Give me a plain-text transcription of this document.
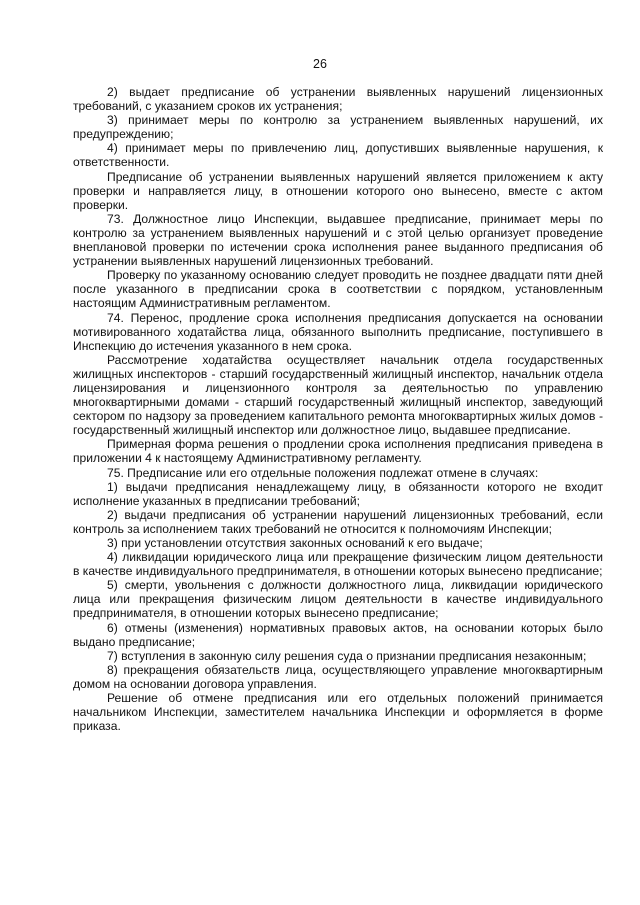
26

2) выдает предписание об устранении выявленных нарушений лицензионных требований, с указанием сроков их устранения;

3) принимает меры по контролю за устранением выявленных нарушений, их предупреждению;

4) принимает меры по привлечению лиц, допустивших выявленные нарушения, к ответственности.

Предписание об устранении выявленных нарушений является приложением к акту проверки и направляется лицу, в отношении которого оно вынесено, вместе с актом проверки.

73. Должностное лицо Инспекции, выдавшее предписание, принимает меры по контролю за устранением выявленных нарушений и с этой целью организует проведение внеплановой проверки по истечении срока исполнения ранее выданного предписания об устранении выявленных нарушений лицензионных требований.

Проверку по указанному основанию следует проводить не позднее двадцати пяти дней после указанного в предписании срока в соответствии с порядком, установленным настоящим Административным регламентом.

74. Перенос, продление срока исполнения предписания допускается на основании мотивированного ходатайства лица, обязанного выполнить предписание, поступившего в Инспекцию до истечения указанного в нем срока.

Рассмотрение ходатайства осуществляет начальник отдела государственных жилищных инспекторов - старший государственный жилищный инспектор, начальник отдела лицензирования и лицензионного контроля за деятельностью по управлению многоквартирными домами - старший государственный жилищный инспектор, заведующий сектором по надзору за проведением капитального ремонта многоквартирных жилых домов - государственный жилищный инспектор или должностное лицо, выдавшее предписание.

Примерная форма решения о продлении срока исполнения предписания приведена в приложении 4 к настоящему Административному регламенту.

75. Предписание или его отдельные положения подлежат отмене в случаях:

1) выдачи предписания ненадлежащему лицу, в обязанности которого не входит исполнение указанных в предписании требований;

2) выдачи предписания об устранении нарушений лицензионных требований, если контроль за исполнением таких требований не относится к полномочиям Инспекции;

3) при установлении отсутствия законных оснований к его выдаче;

4) ликвидации юридического лица или прекращение физическим лицом деятельности в качестве индивидуального предпринимателя, в отношении которых вынесено предписание;

5) смерти, увольнения с должности должностного лица, ликвидации юридического лица или прекращения физическим лицом деятельности в качестве индивидуального предпринимателя, в отношении которых вынесено предписание;

6) отмены (изменения) нормативных правовых актов, на основании которых было выдано предписание;

7) вступления в законную силу решения суда о признании предписания незаконным;

8) прекращения обязательств лица, осуществляющего управление многоквартирным домом на основании договора управления.

Решение об отмене предписания или его отдельных положений принимается начальником Инспекции, заместителем начальника Инспекции и оформляется в форме приказа.
